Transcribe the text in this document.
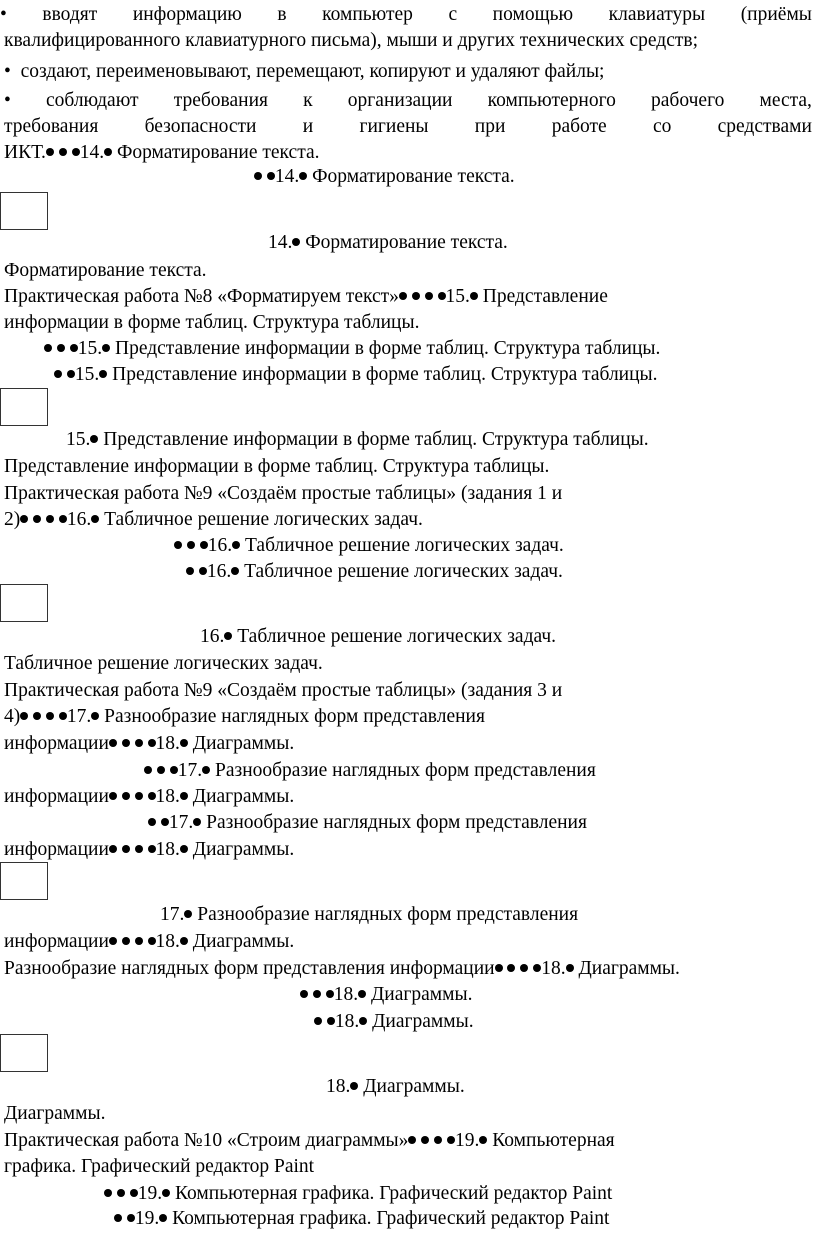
• вводят информацию в компьютер с помощью клавиатуры (приёмы
квалифицированного клавиатурного письма), мыши и других технических средств;
•  создают, переименовывают, перемещают, копируют и удаляют файлы;
• соблюдают требования к организации компьютерного рабочего места,
требования безопасности и гигиены при работе со средствами
ИКТ. 14. Форматирование текста.
14. Форматирование текста.
14. Форматирование текста.
Форматирование текста.
Практическая работа №8 «Форматируем текст» 15. Представление
информации в форме таблиц. Структура таблицы.
15. Представление информации в форме таблиц. Структура таблицы.
15. Представление информации в форме таблиц. Структура таблицы.
15. Представление информации в форме таблиц. Структура таблицы.
Представление информации в форме таблиц. Структура таблицы.
Практическая работа №9 «Создаём простые таблицы» (задания 1 и
2) 16. Табличное решение логических задач.
16. Табличное решение логических задач.
16. Табличное решение логических задач.
16. Табличное решение логических задач.
Табличное решение логических задач.
Практическая работа №9 «Создаём простые таблицы» (задания 3 и
4) 17. Разнообразие наглядных форм представления
информации 18. Диаграммы.
17. Разнообразие наглядных форм представления
информации 18. Диаграммы.
17. Разнообразие наглядных форм представления
информации 18. Диаграммы.
17. Разнообразие наглядных форм представления
информации 18. Диаграммы.
Разнообразие наглядных форм представления информации 18. Диаграммы.
18. Диаграммы.
18. Диаграммы.
18. Диаграммы.
Диаграммы.
Практическая работа №10 «Строим диаграммы» 19. Компьютерная
графика. Графический редактор Paint
19. Компьютерная графика. Графический редактор Paint
19. Компьютерная графика. Графический редактор Paint
